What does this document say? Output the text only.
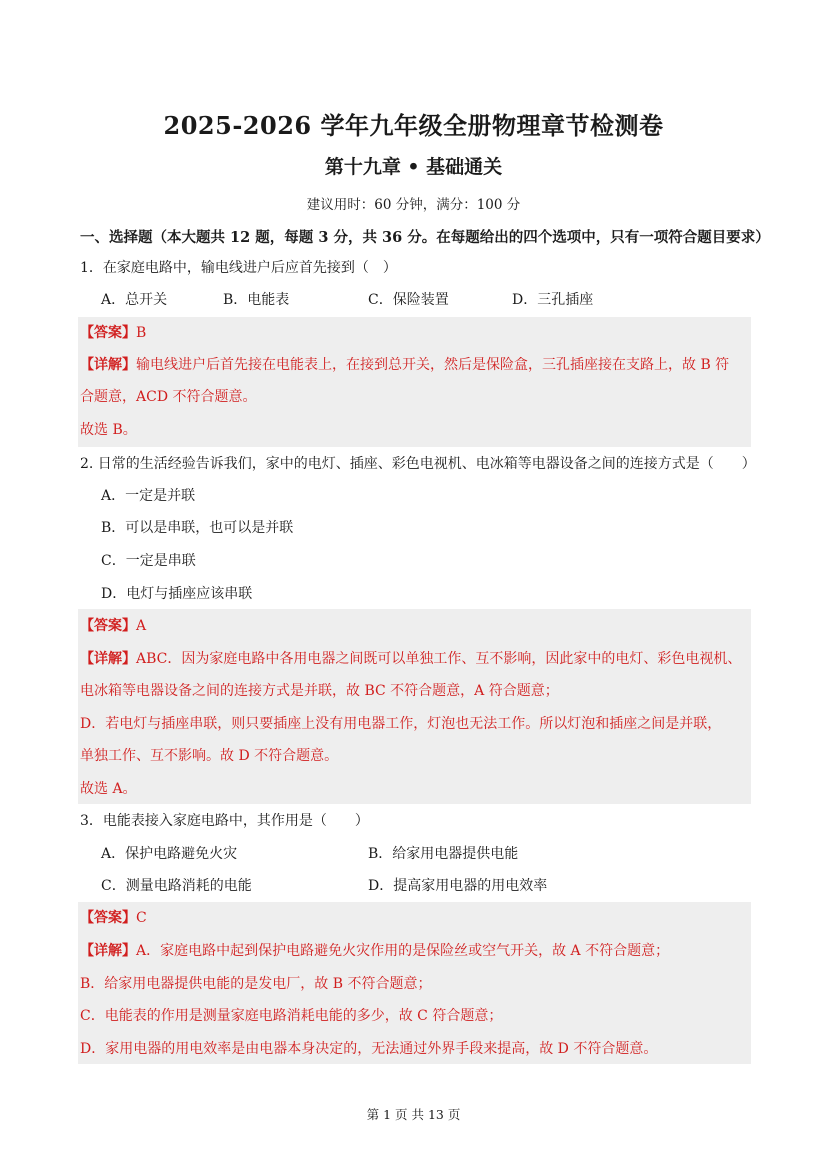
2025-2026 学年九年级全册物理章节检测卷
第十九章 • 基础通关
建议用时：60 分钟，满分：100 分
一、选择题（本大题共 12 题，每题 3 分，共 36 分。在每题给出的四个选项中，只有一项符合题目要求）
1．在家庭电路中，输电线进户后应首先接到（　）
A．总开关	B．电能表	C．保险装置	D．三孔插座
【答案】B
【详解】输电线进户后首先接在电能表上，在接到总开关，然后是保险盒，三孔插座接在支路上，故 B 符
合题意，ACD 不符合题意。
故选 B。
2. 日常的生活经验告诉我们，家中的电灯、插座、彩色电视机、电冰箱等电器设备之间的连接方式是（　　）
A．一定是并联
B．可以是串联，也可以是并联
C．一定是串联
D．电灯与插座应该串联
【答案】A
【详解】ABC．因为家庭电路中各用电器之间既可以单独工作、互不影响，因此家中的电灯、彩色电视机、
电冰箱等电器设备之间的连接方式是并联，故 BC 不符合题意，A 符合题意；
D．若电灯与插座串联，则只要插座上没有用电器工作，灯泡也无法工作。所以灯泡和插座之间是并联，
单独工作、互不影响。故 D 不符合题意。
故选 A。
3．电能表接入家庭电路中，其作用是（　　）
A．保护电路避免火灾	B．给家用电器提供电能
C．测量电路消耗的电能	D．提高家用电器的用电效率
【答案】C
【详解】A．家庭电路中起到保护电路避免火灾作用的是保险丝或空气开关，故 A 不符合题意；
B．给家用电器提供电能的是发电厂，故 B 不符合题意；
C．电能表的作用是测量家庭电路消耗电能的多少，故 C 符合题意；
D．家用电器的用电效率是由电器本身决定的，无法通过外界手段来提高，故 D 不符合题意。
第 1 页 共 13 页
